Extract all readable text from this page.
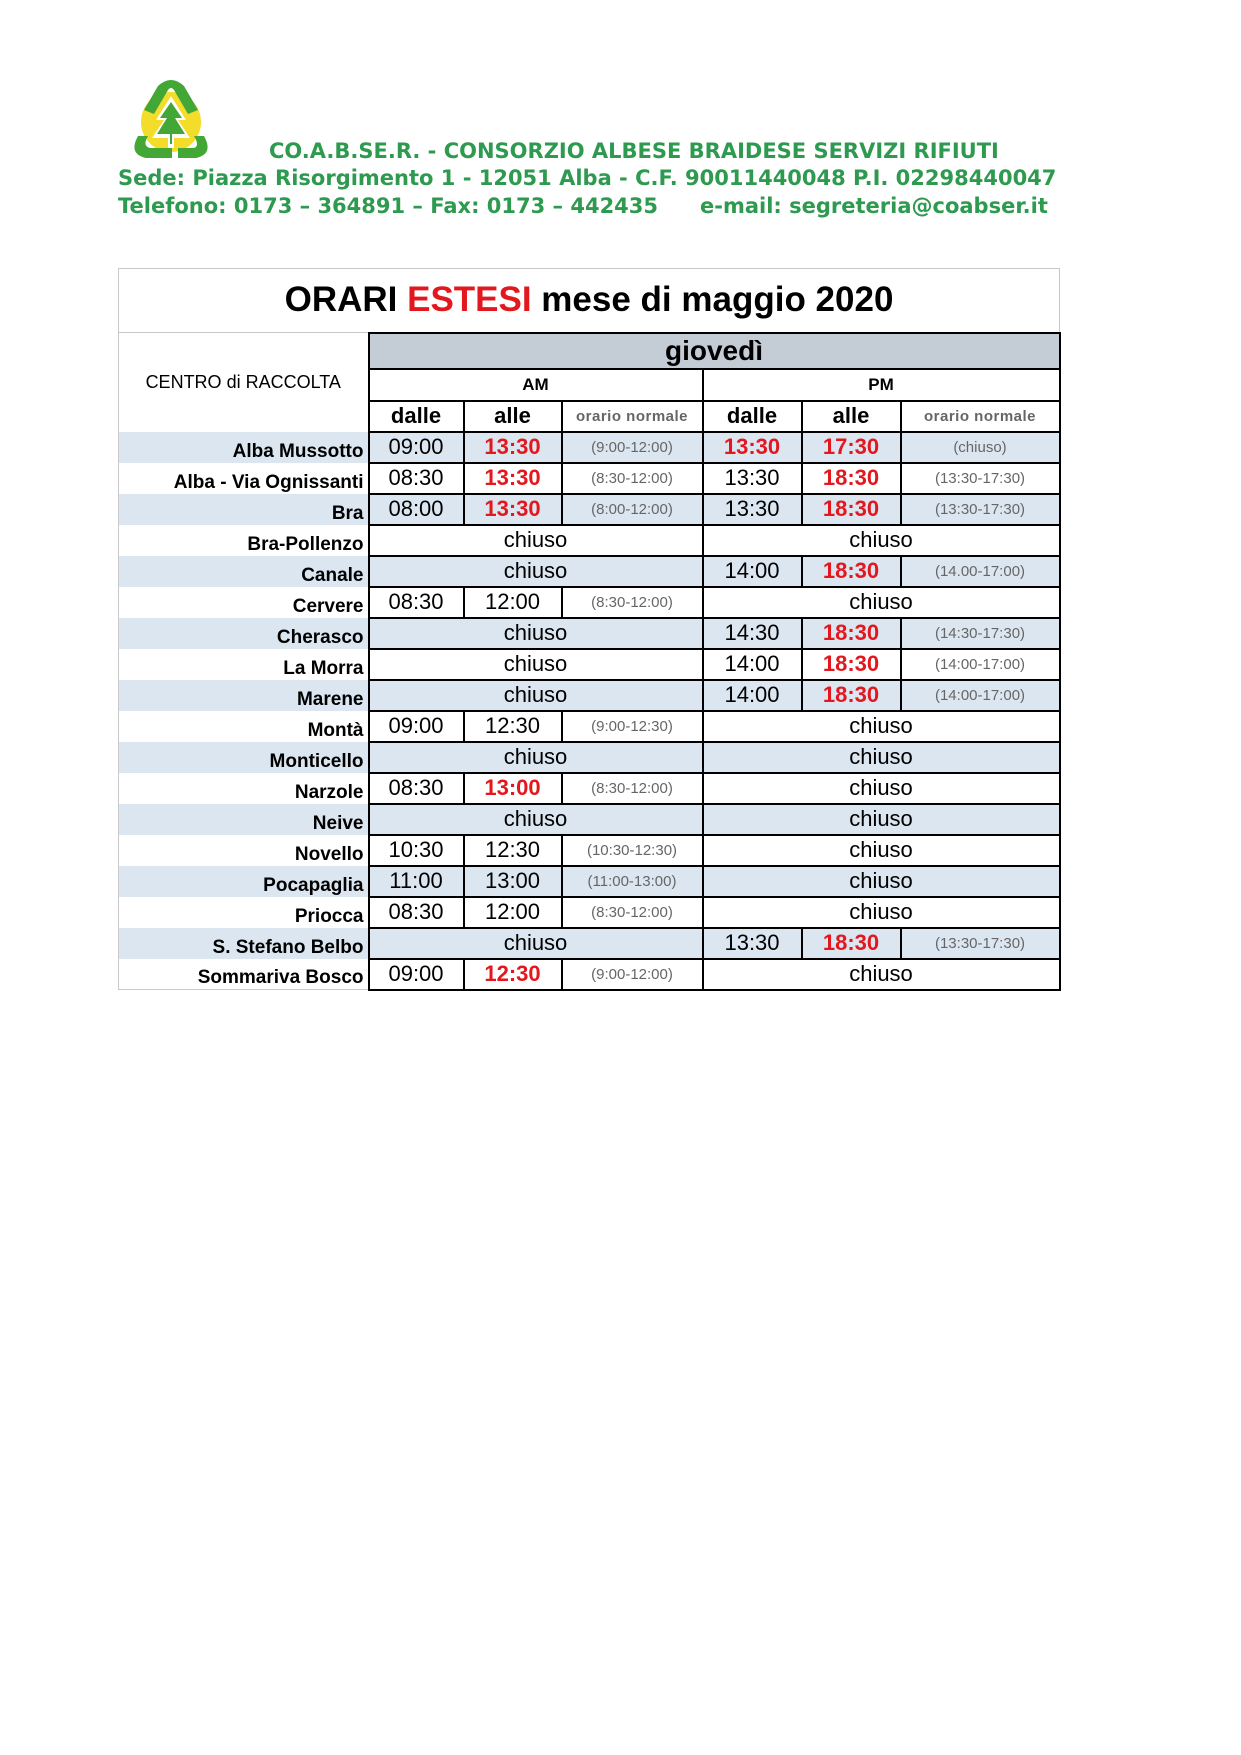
CO.A.B.SE.R. - CONSORZIO ALBESE BRAIDESE SERVIZI RIFIUTI
Sede: Piazza Risorgimento 1 - 12051 Alba - C.F. 90011440048 P.I. 02298440047
Telefono: 0173 – 364891 – Fax: 0173 – 442435 e-mail: segreteria@coabser.it
ORARI ESTESI mese di maggio 2020						
CENTRO di RACCOLTA	giovedì					
	AM			PM		
	dalle	alle	orario normale	dalle	alle	orario normale
Alba Mussotto	09:00	13:30	(9:00-12:00)	13:30	17:30	(chiuso)
Alba - Via Ognissanti	08:30	13:30	(8:30-12:00)	13:30	18:30	(13:30-17:30)
Bra	08:00	13:30	(8:00-12:00)	13:30	18:30	(13:30-17:30)
Bra-Pollenzo	chiuso			chiuso		
Canale	chiuso			14:00	18:30	(14.00-17:00)
Cervere	08:30	12:00	(8:30-12:00)	chiuso		
Cherasco	chiuso			14:30	18:30	(14:30-17:30)
La Morra	chiuso			14:00	18:30	(14:00-17:00)
Marene	chiuso			14:00	18:30	(14:00-17:00)
Montà	09:00	12:30	(9:00-12:30)	chiuso		
Monticello	chiuso			chiuso		
Narzole	08:30	13:00	(8:30-12:00)	chiuso		
Neive	chiuso			chiuso		
Novello	10:30	12:30	(10:30-12:30)	chiuso		
Pocapaglia	11:00	13:00	(11:00-13:00)	chiuso		
Priocca	08:30	12:00	(8:30-12:00)	chiuso		
S. Stefano Belbo	chiuso			13:30	18:30	(13:30-17:30)
Sommariva Bosco	09:00	12:30	(9:00-12:00)	chiuso		
